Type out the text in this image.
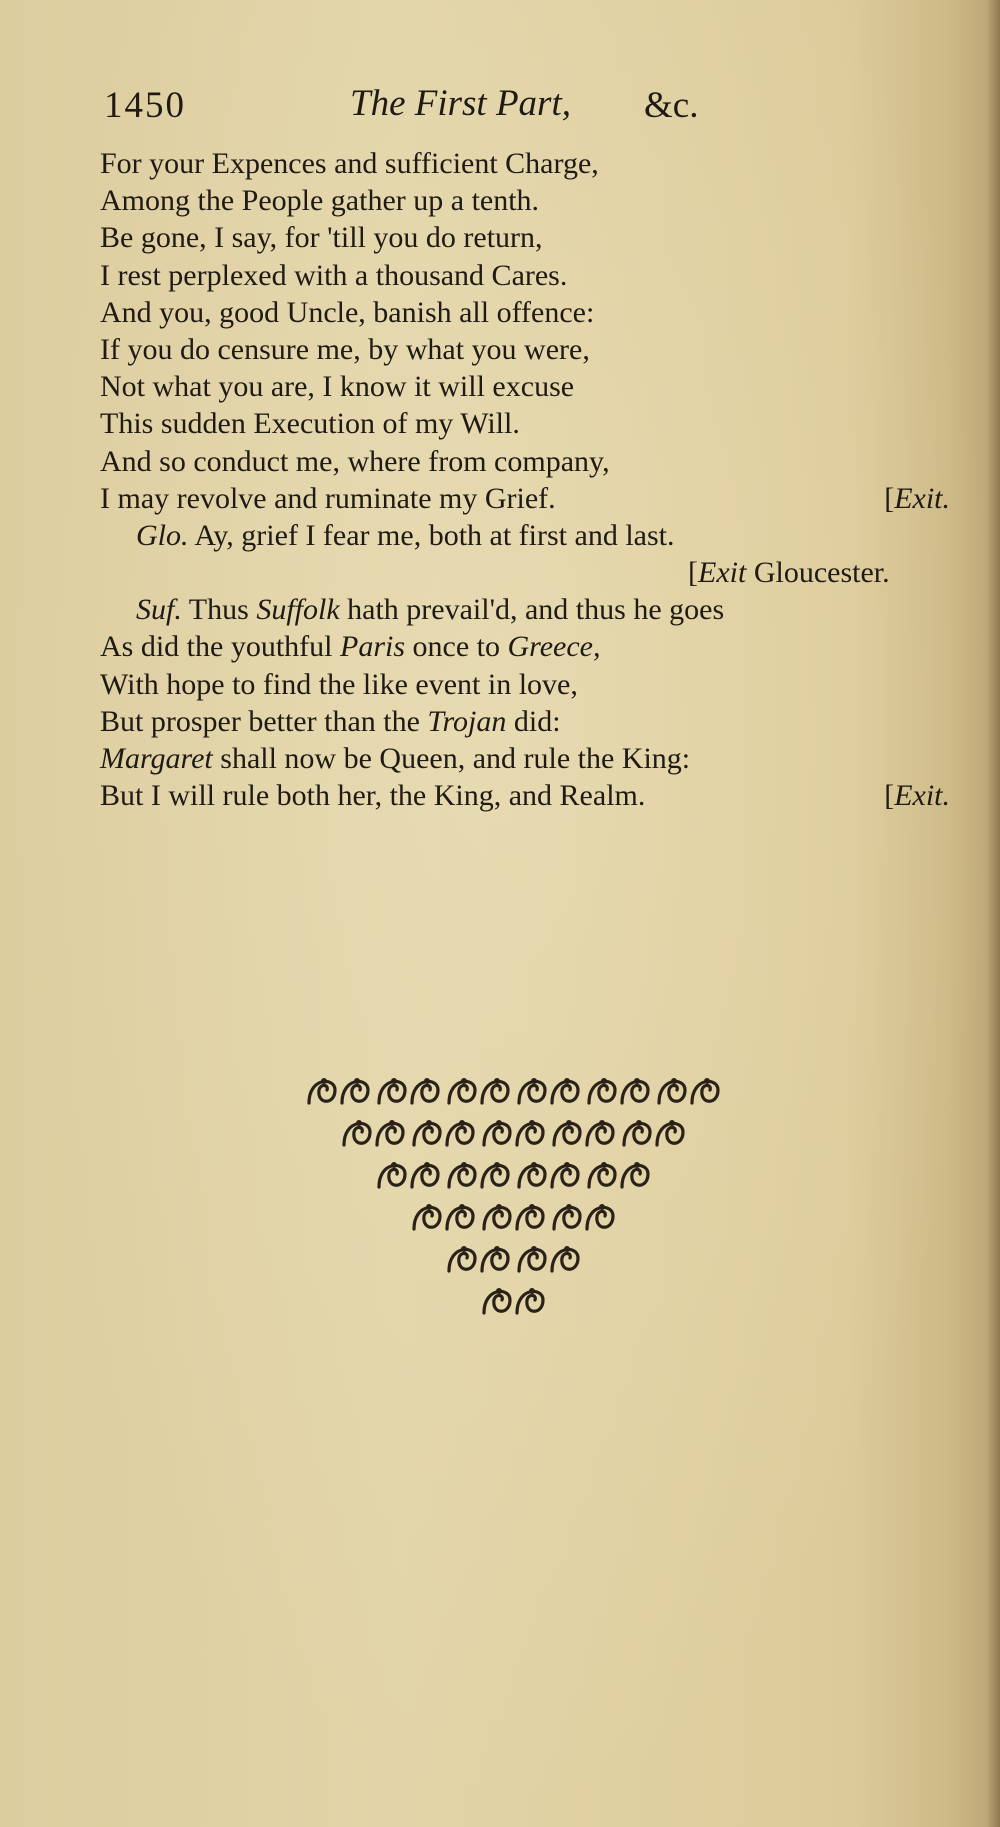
1450	The First Part, &c.
For your Expences and sufficient Charge,
Among the People gather up a tenth.
Be gone, I say, for 'till you do return,
I rest perplexed with a thousand Cares.
And you, good Uncle, banish all offence:
If you do censure me, by what you were,
Not what you are, I know it will excuse
This sudden Execution of my Will.
And so conduct me, where from company,
I may revolve and ruminate my Grief.	[Exit.
Glo. Ay, grief I fear me, both at first and last.
[Exit Gloucester.
Suf. Thus Suffolk hath prevail'd, and thus he goes
As did the youthful Paris once to Greece,
With hope to find the like event in love,
But prosper better than the Trojan did:
Margaret shall now be Queen, and rule the King:
But I will rule both her, the King, and Realm.	[Exit.
